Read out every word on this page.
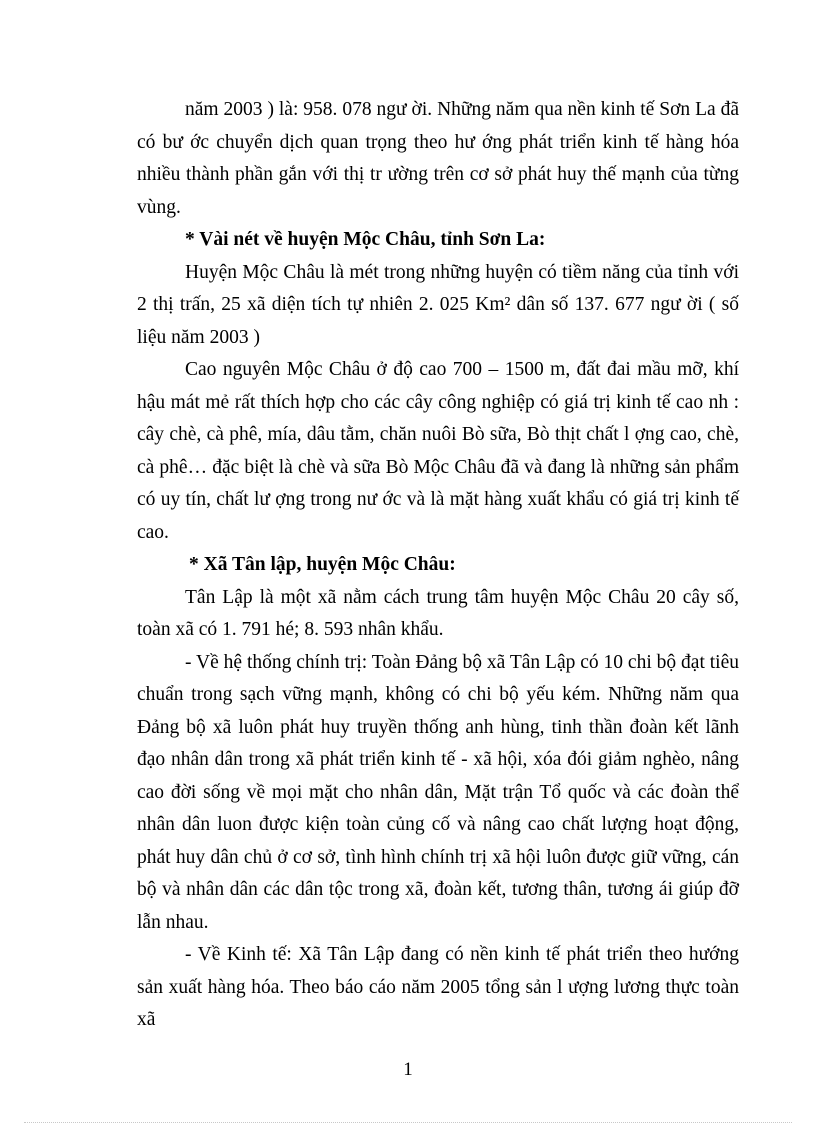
năm 2003 ) là: 958. 078 ngư ời. Những năm qua nền kinh tế Sơn La đã có bư ớc chuyển dịch quan trọng theo hư ớng phát triển kinh tế hàng hóa nhiều thành phần gắn với thị tr ường trên cơ sở phát huy thế mạnh của từng vùng.

* Vài nét về huyện Mộc Châu, tỉnh Sơn La:

Huyện Mộc Châu là mét trong những huyện có tiềm năng của tỉnh với 2 thị trấn, 25 xã diện tích tự nhiên 2. 025 Km² dân số 137. 677 ngư ời ( số liệu năm 2003 )

Cao nguyên Mộc Châu ở độ cao 700 – 1500 m, đất đai mầu mỡ, khí hậu mát mẻ rất thích hợp cho các cây công nghiệp có giá trị kinh tế cao nh : cây chè, cà phê, mía, dâu tằm, chăn nuôi Bò sữa, Bò thịt chất l ợng cao, chè, cà phê… đặc biệt là chè và sữa Bò Mộc Châu đã và đang là những sản phẩm có uy tín, chất lư ợng trong nư ớc và là mặt hàng xuất khẩu có giá trị kinh tế cao.

* Xã Tân lập, huyện Mộc Châu:

Tân Lập là một xã nằm cách trung tâm huyện Mộc Châu 20 cây số, toàn xã có 1. 791 hé; 8. 593 nhân khẩu.

- Về hệ thống chính trị: Toàn Đảng bộ xã Tân Lập có 10 chi bộ đạt tiêu chuẩn trong sạch vững mạnh, không có chi bộ yếu kém. Những năm qua Đảng bộ xã luôn phát huy truyền thống anh hùng, tinh thần đoàn kết lãnh đạo nhân dân trong xã phát triển kinh tế - xã hội, xóa đói giảm nghèo, nâng cao đời sống về mọi mặt cho nhân dân, Mặt trận Tổ quốc và các đoàn thể nhân dân luon được kiện toàn củng cố và nâng cao chất lượng hoạt động, phát huy dân chủ ở cơ sở, tình hình chính trị xã hội luôn được giữ vững, cán bộ và nhân dân các dân tộc trong xã, đoàn kết, tương thân, tương ái giúp đỡ lẫn nhau.

- Về Kinh tế: Xã Tân Lập đang có nền kinh tế phát triển theo hướng sản xuất hàng hóa. Theo báo cáo năm 2005 tổng sản l ượng lương thực toàn xã

1
